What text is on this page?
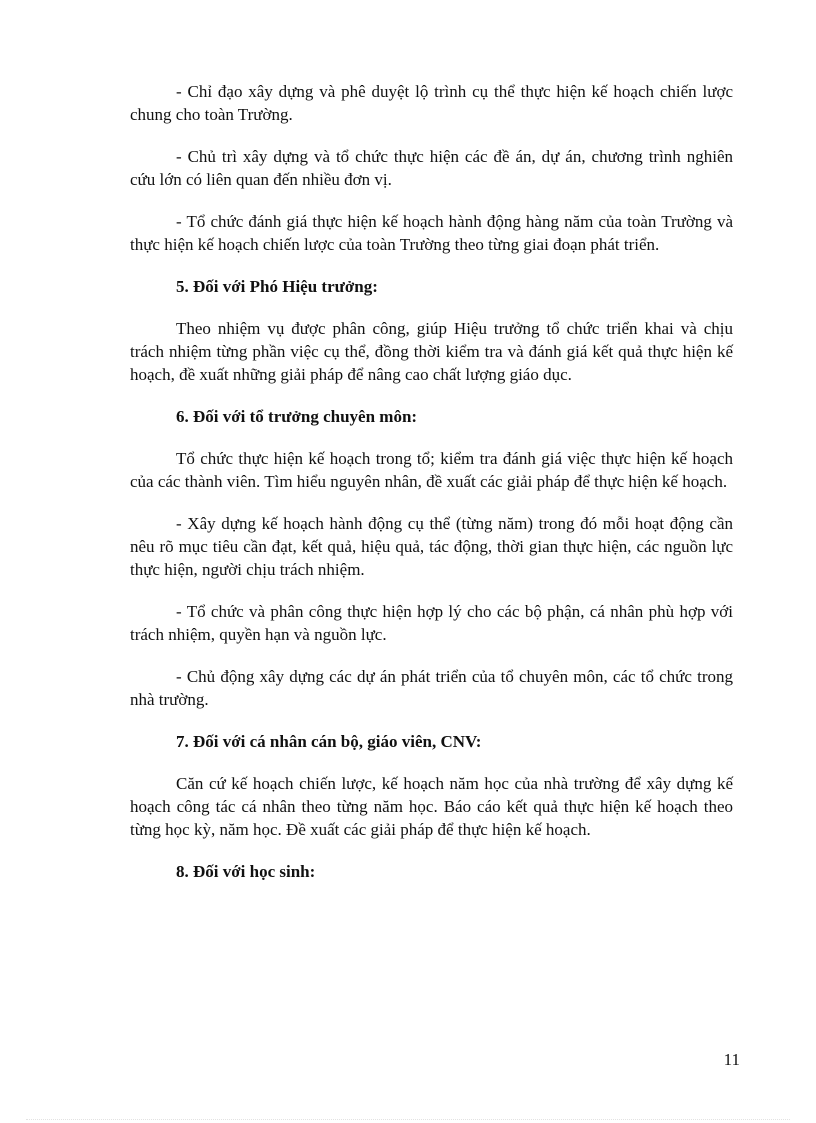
- Chỉ đạo xây dựng và phê duyệt lộ trình cụ thể thực hiện kế hoạch chiến lược chung cho toàn Trường.

- Chủ trì xây dựng và tổ chức thực hiện các đề án, dự án, chương trình nghiên cứu lớn có liên quan đến nhiều đơn vị.

- Tổ chức đánh giá thực hiện kế hoạch hành động hàng năm của toàn Trường và thực hiện kế hoạch chiến lược của toàn Trường theo từng giai đoạn phát triển.

5. Đối với Phó Hiệu trưởng:

Theo nhiệm vụ được phân công, giúp Hiệu trưởng tổ chức triển khai và chịu trách nhiệm từng phần việc cụ thể, đồng thời kiểm tra và đánh giá kết quả thực hiện kế hoạch, đề xuất những giải pháp để nâng cao chất lượng giáo dục.

6. Đối với tổ trưởng chuyên môn:

Tổ chức thực hiện kế hoạch trong tổ; kiểm tra đánh giá việc thực hiện kế hoạch của các thành viên. Tìm hiểu nguyên nhân, đề xuất các giải pháp để thực hiện kế hoạch.

- Xây dựng kế hoạch hành động cụ thể (từng năm) trong đó mỗi hoạt động cần nêu rõ mục tiêu cần đạt, kết quả, hiệu quả, tác động, thời gian thực hiện, các nguồn lực thực hiện, người chịu trách nhiệm.

- Tổ chức và phân công thực hiện hợp lý cho các bộ phận, cá nhân phù hợp với trách nhiệm, quyền hạn và nguồn lực.

- Chủ động xây dựng các dự án phát triển của tổ chuyên môn, các tổ chức trong nhà trường.

7. Đối với cá nhân cán bộ, giáo viên, CNV:

Căn cứ kế hoạch chiến lược, kế hoạch năm học của nhà trường để xây dựng kế hoạch công tác cá nhân theo từng năm học. Báo cáo kết quả thực hiện kế hoạch theo từng học kỳ, năm học. Đề xuất các giải pháp để thực hiện kế hoạch.

8. Đối với học sinh:

11
